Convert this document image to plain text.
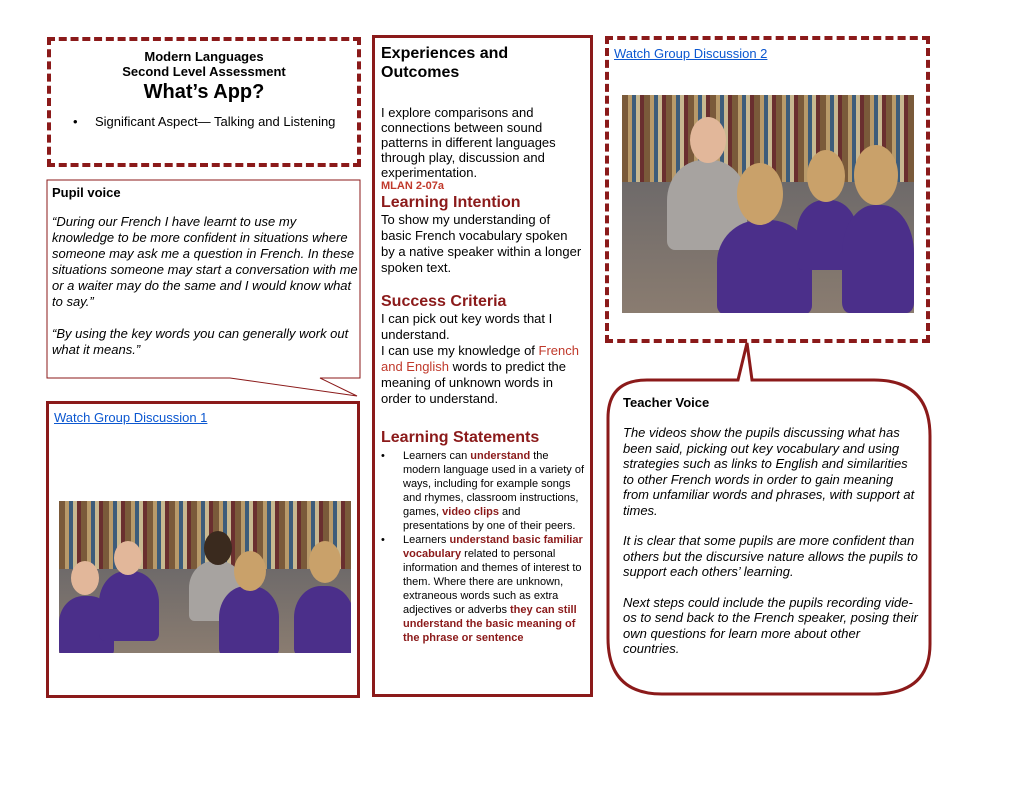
Modern Languages
Second Level Assessment
What’s App?
•	Significant Aspect— Talking and Listening
Pupil voice
“During our French I have learnt to use my knowledge to be more confident in situations where someone may ask me a question in French. In these situations someone may start a conversation with me or a waiter may do the same and I would know what to say.”
“By using the key words you can generally work out what it means.”
Watch Group Discussion 1
Experiences and Outcomes
I explore comparisons and connections between sound patterns in different languages through play, discussion and experimentation.
MLAN 2-07a
Learning Intention
To show my understanding of basic French vocabulary spoken by a native speaker within a longer spoken text.
Success Criteria
I can pick out key words that I understand.
I can use my knowledge of French and English words to predict the meaning of unknown words in order to understand.
Learning Statements
•	Learners can understand the modern language used in a variety of ways, including for example songs and rhymes, classroom instructions, games, video clips and presentations by one of their peers.
•	Learners understand basic familiar vocabulary related to personal information and themes of interest to them. Where there are unknown, extraneous words such as extra adjectives or adverbs they can still understand the basic meaning of the phrase or sentence
Watch Group Discussion 2
Teacher Voice
The videos show the pupils discussing what has been said, picking out key vocabulary and using strategies such as links to English and similarities to other French words in order to gain meaning from unfamiliar words and phrases, with support at times.
It is clear that some pupils are more confident than others but the discursive nature allows the pupils to support each others’ learning.
Next steps could include the pupils recording vide-os to send back to the French speaker, posing their own questions for learn more about other countries.
